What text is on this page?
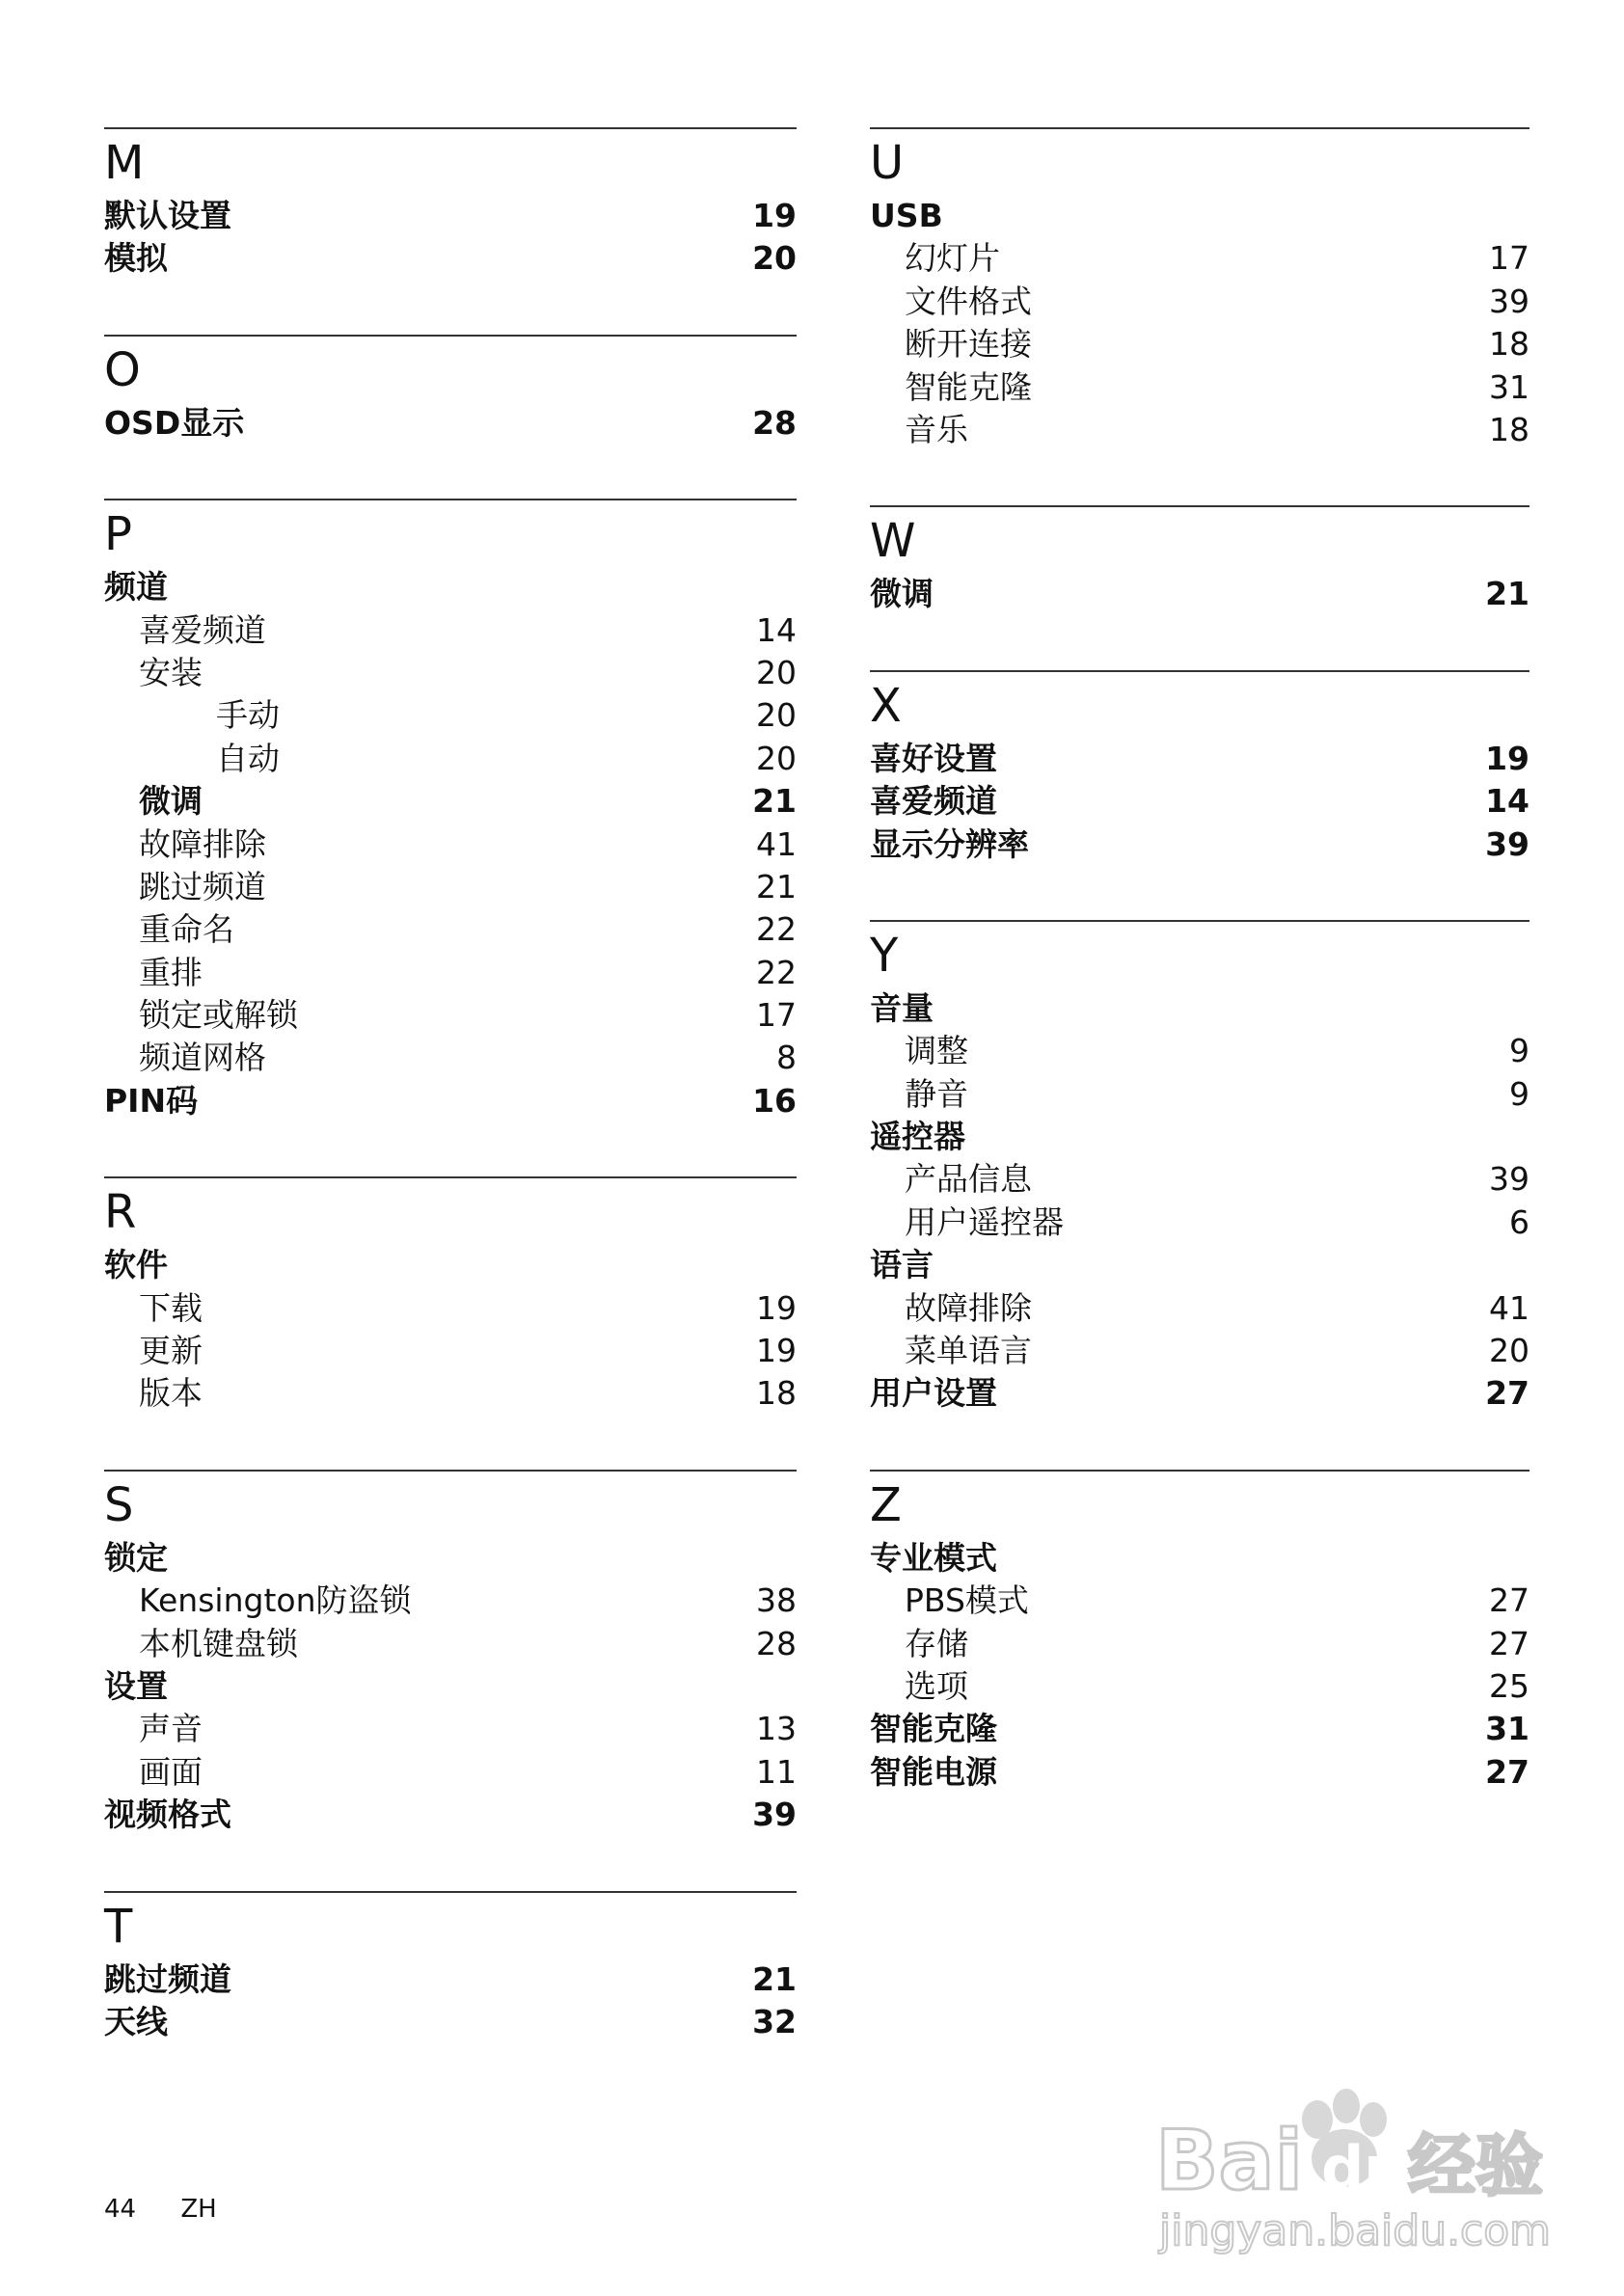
M
默认设置	19
模拟	20
O
OSD显示	28
P
频道
喜爱频道	14
安装	20
手动	20
自动	20
微调	21
故障排除	41
跳过频道	21
重命名	22
重排	22
锁定或解锁	17
频道网格	8
PIN码	16
R
软件
下载	19
更新	19
版本	18
S
锁定
Kensington防盗锁	38
本机键盘锁	28
设置
声音	13
画面	11
视频格式	39
T
跳过频道	21
天线	32
U
USB
幻灯片	17
文件格式	39
断开连接	18
智能克隆	31
音乐	18
W
微调	21
X
喜好设置	19
喜爱频道	14
显示分辨率	39
Y
音量
调整	9
静音	9
遥控器
产品信息	39
用户遥控器	6
语言
故障排除	41
菜单语言	20
用户设置	27
Z
专业模式
PBS模式	27
存储	27
选项	25
智能克隆	31
智能电源	27
44 ZH	Bai du 经验
jingyan.baidu.com
